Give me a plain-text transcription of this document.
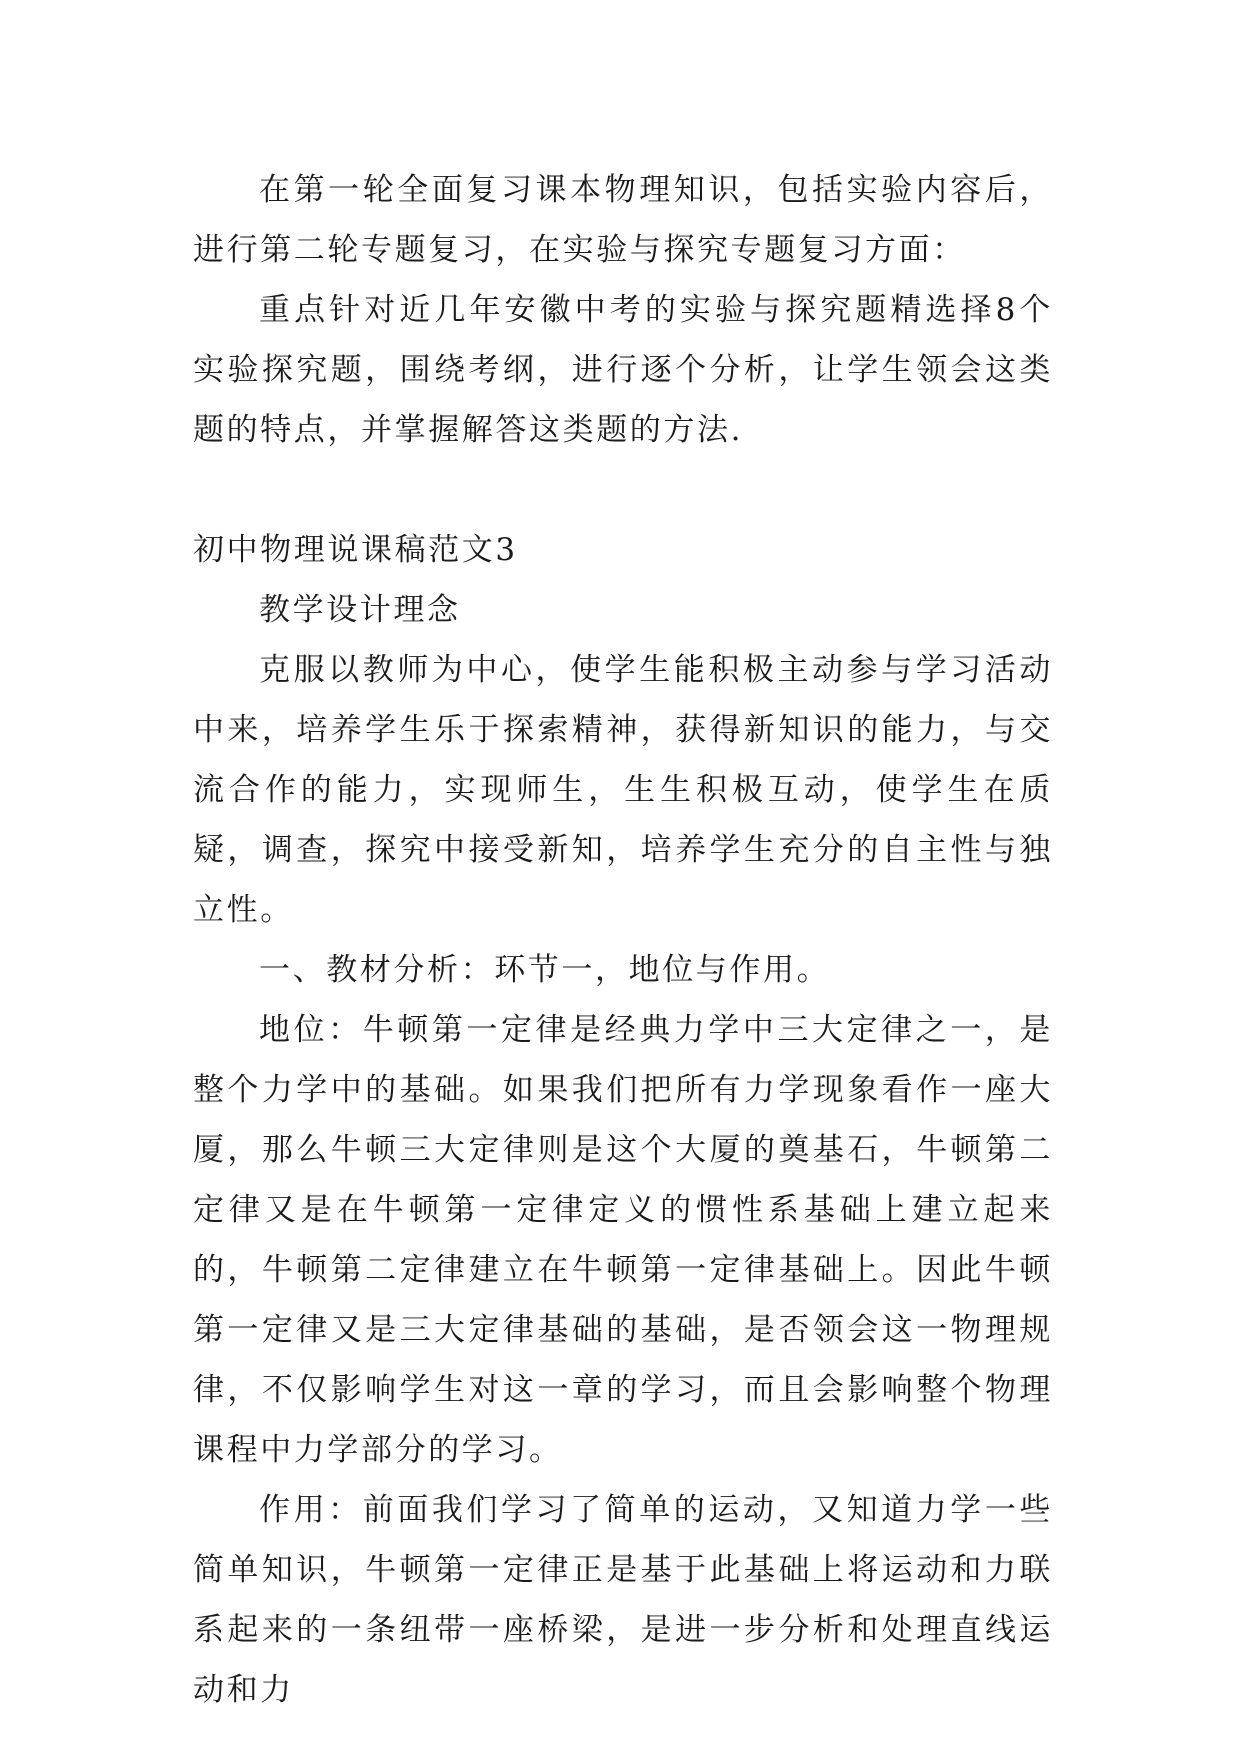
在第一轮全面复习课本物理知识，包括实验内容后，进行第二轮专题复习，在实验与探究专题复习方面：

重点针对近几年安徽中考的实验与探究题精选择8个实验探究题，围绕考纲，进行逐个分析，让学生领会这类题的特点，并掌握解答这类题的方法.

初中物理说课稿范文3

教学设计理念

克服以教师为中心，使学生能积极主动参与学习活动中来，培养学生乐于探索精神，获得新知识的能力，与交流合作的能力，实现师生，生生积极互动，使学生在质疑，调查，探究中接受新知，培养学生充分的自主性与独立性。

一、教材分析：环节一，地位与作用。

地位：牛顿第一定律是经典力学中三大定律之一，是整个力学中的基础。如果我们把所有力学现象看作一座大厦，那么牛顿三大定律则是这个大厦的奠基石，牛顿第二定律又是在牛顿第一定律定义的惯性系基础上建立起来的，牛顿第二定律建立在牛顿第一定律基础上。因此牛顿第一定律又是三大定律基础的基础，是否领会这一物理规律，不仅影响学生对这一章的学习，而且会影响整个物理课程中力学部分的学习。

作用：前面我们学习了简单的运动，又知道力学一些简单知识，牛顿第一定律正是基于此基础上将运动和力联系起来的一条纽带一座桥梁，是进一步分析和处理直线运动和力
